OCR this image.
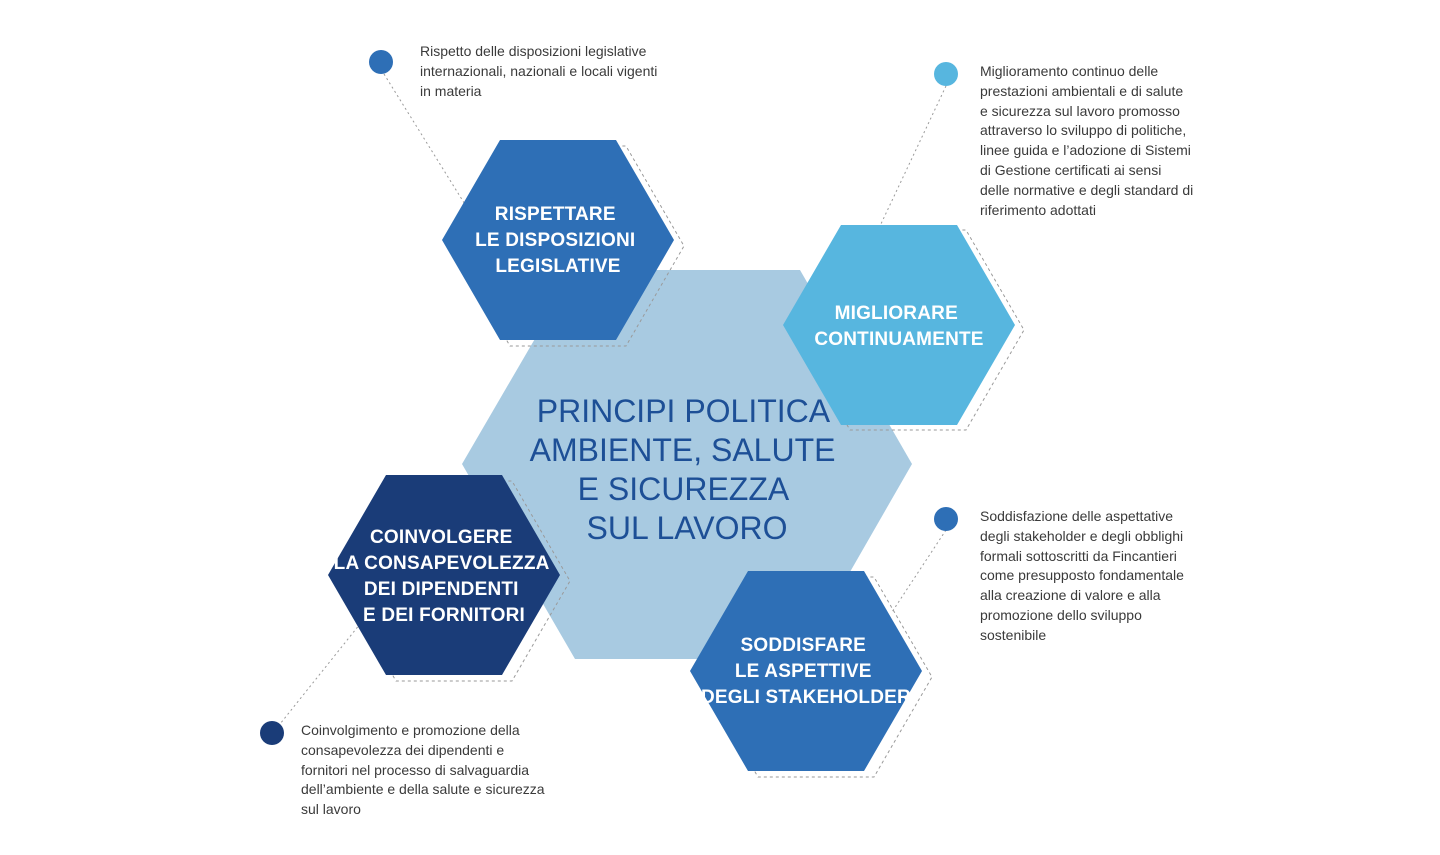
PRINCIPI POLITICA AMBIENTE, SALUTE E SICUREZZA SUL LAVORO
RISPETTARE LE DISPOSIZIONI LEGISLATIVE
MIGLIORARE CONTINUAMENTE
COINVOLGERE LA CONSAPEVOLEZZA DEI DIPENDENTI E DEI FORNITORI
SODDISFARE LE ASPETTIVE DEGLI STAKEHOLDER
Rispetto delle disposizioni legislative
internazionali, nazionali e locali vigenti
in materia
Miglioramento continuo delle
prestazioni ambientali e di salute
e sicurezza sul lavoro promosso
attraverso lo sviluppo di politiche,
linee guida e l’adozione di Sistemi
di Gestione certificati ai sensi
delle normative e degli standard di
riferimento adottati
Soddisfazione delle aspettative
degli stakeholder e degli obblighi
formali sottoscritti da Fincantieri
come presupposto fondamentale
alla creazione di valore e alla
promozione dello sviluppo
sostenibile
Coinvolgimento e promozione della
consapevolezza dei dipendenti e
fornitori nel processo di salvaguardia
dell’ambiente e della salute e sicurezza
sul lavoro
